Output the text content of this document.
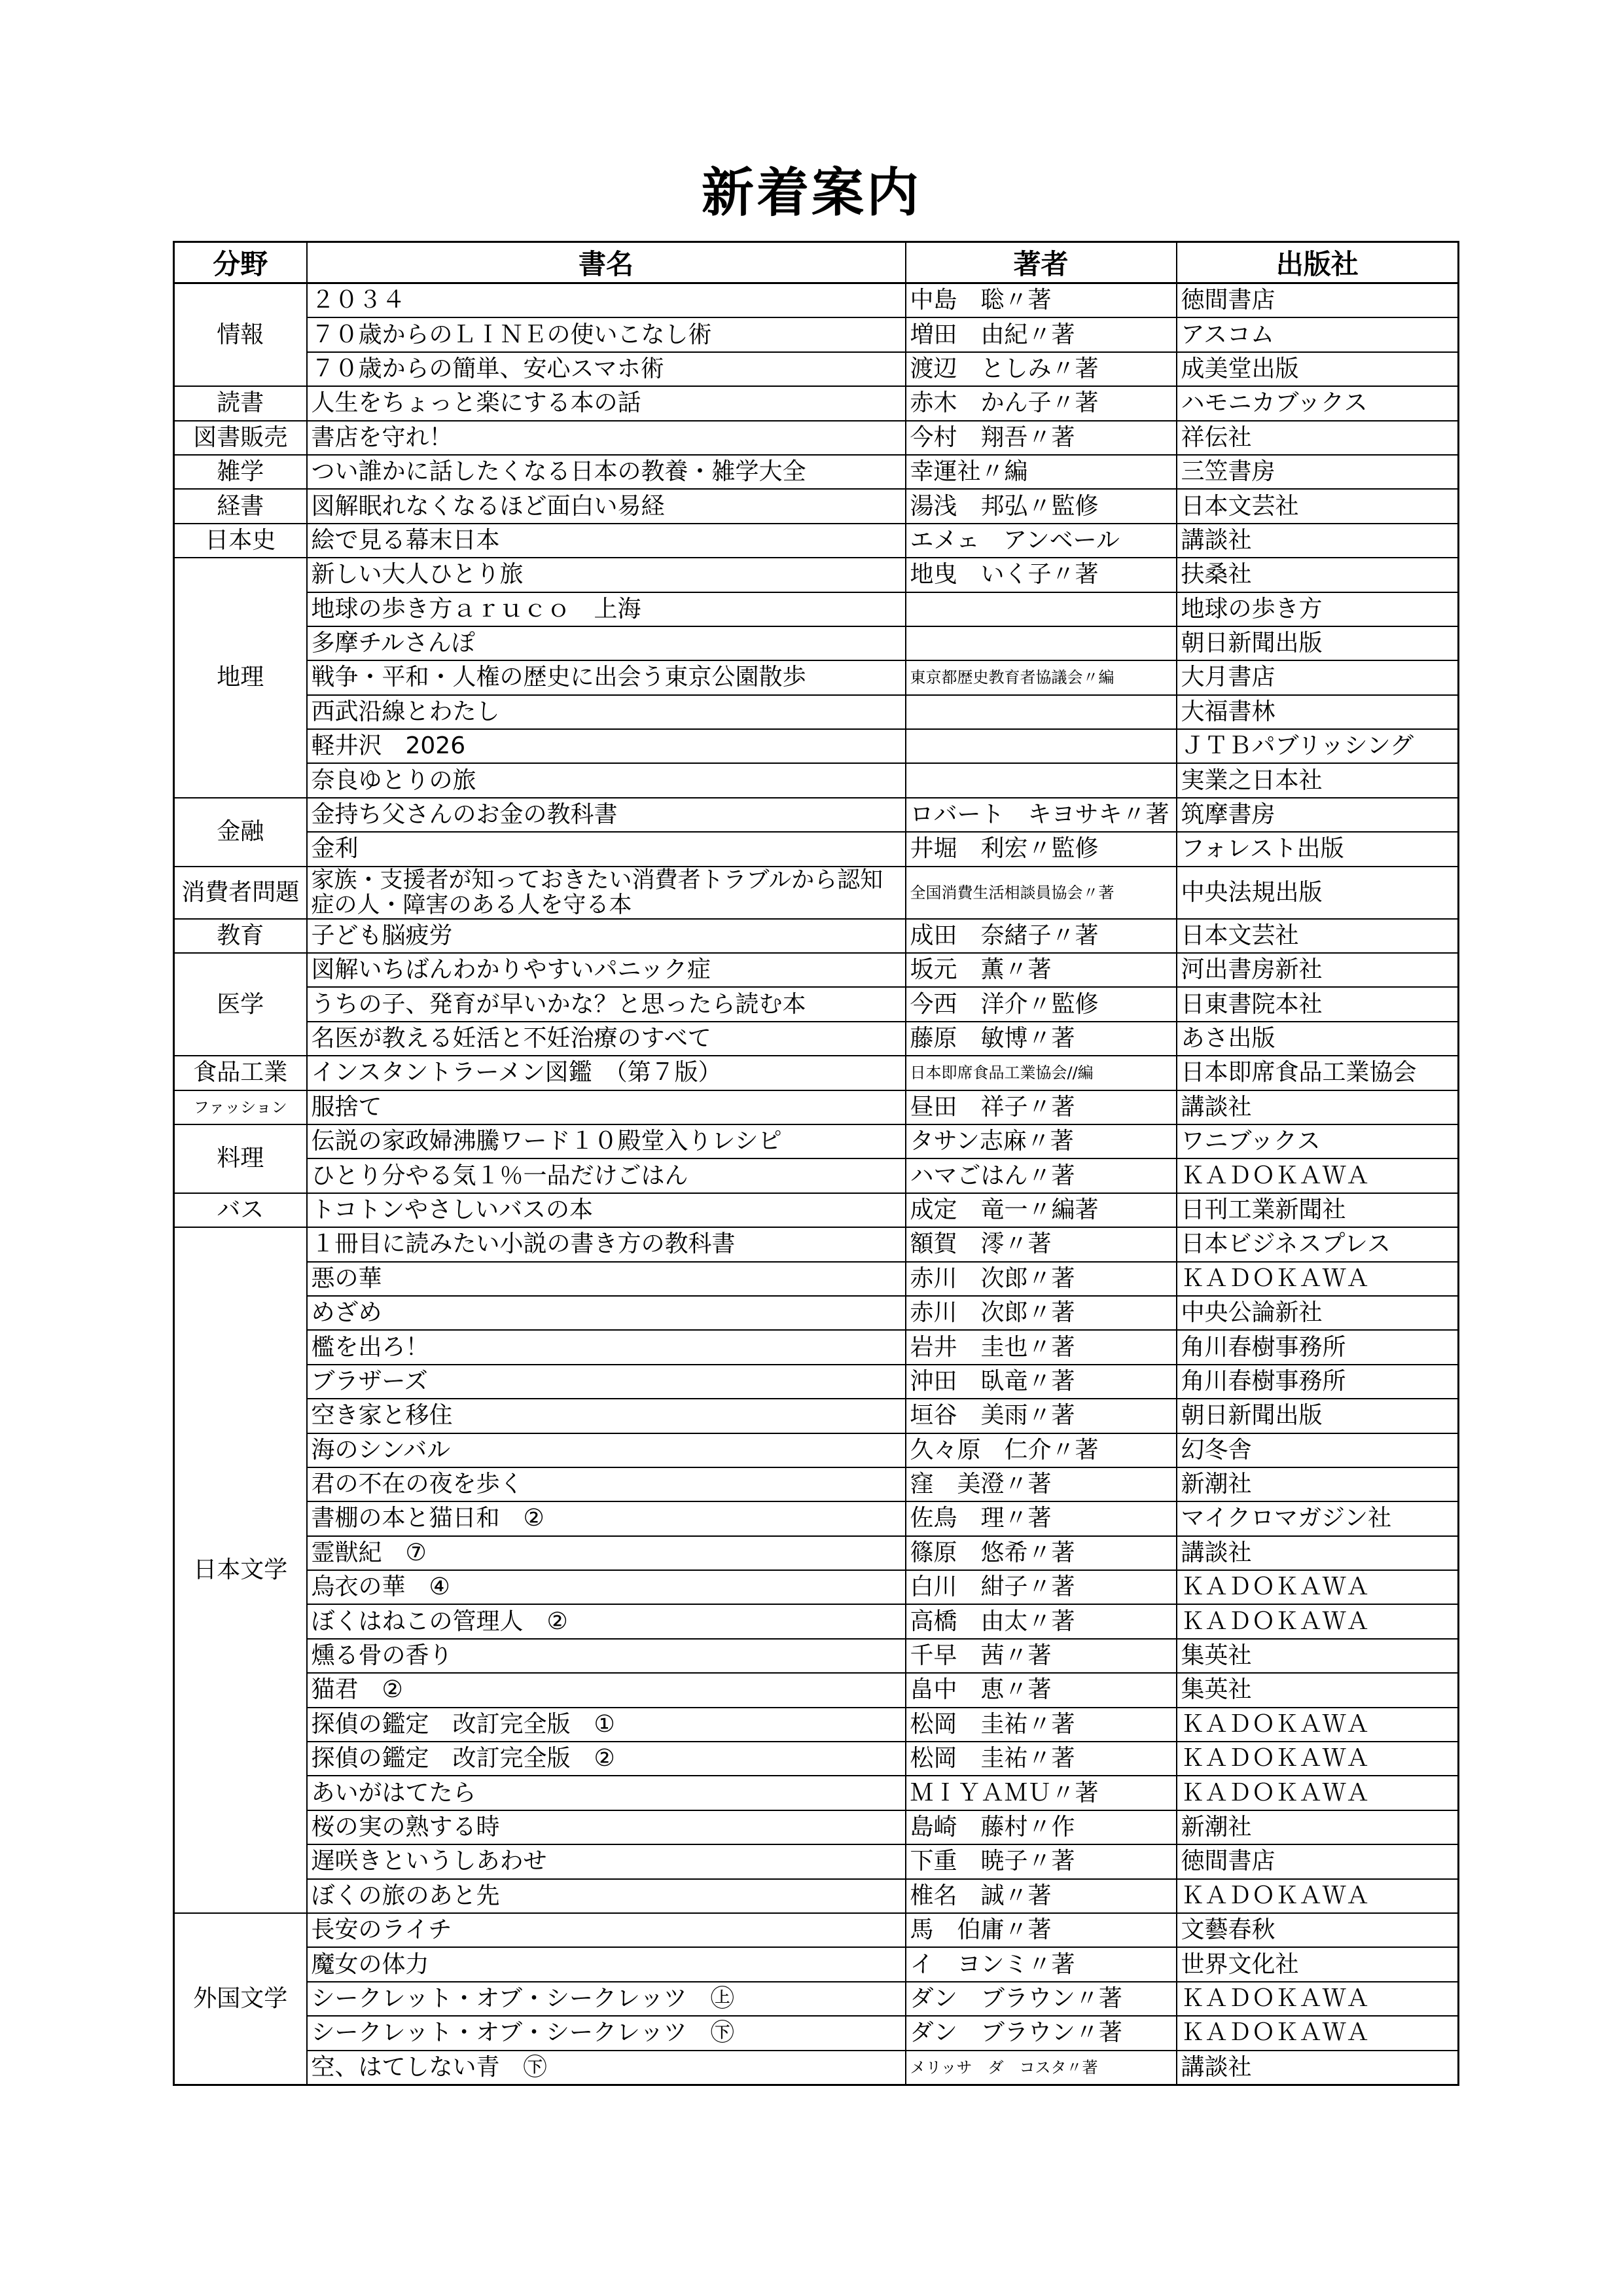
新着案内
分野	書名	著者	出版社
情報	２０３４	中島　聡〃著	徳間書店
	７０歳からのＬＩＮＥの使いこなし術	増田　由紀〃著	アスコム
	７０歳からの簡単、安心スマホ術	渡辺　としみ〃著	成美堂出版
読書	人生をちょっと楽にする本の話	赤木　かん子〃著	ハモニカブックス
図書販売	書店を守れ！	今村　翔吾〃著	祥伝社
雑学	つい誰かに話したくなる日本の教養・雑学大全	幸運社〃編	三笠書房
経書	図解眠れなくなるほど面白い易経	湯浅　邦弘〃監修	日本文芸社
日本史	絵で見る幕末日本	エメェ　アンベール	講談社
地理	新しい大人ひとり旅	地曳　いく子〃著	扶桑社
	地球の歩き方ａｒｕｃｏ　上海		地球の歩き方
	多摩チルさんぽ		朝日新聞出版
	戦争・平和・人権の歴史に出会う東京公園散歩	東京都歴史教育者協議会〃編	大月書店
	西武沿線とわたし		大福書林
	軽井沢　2026		ＪＴＢパブリッシング
	奈良ゆとりの旅		実業之日本社
金融	金持ち父さんのお金の教科書	ロバート　キヨサキ〃著	筑摩書房
	金利	井堀　利宏〃監修	フォレスト出版
消費者問題	家族・支援者が知っておきたい消費者トラブルから認知症の人・障害のある人を守る本	全国消費生活相談員協会〃著	中央法規出版
教育	子ども脳疲労	成田　奈緒子〃著	日本文芸社
医学	図解いちばんわかりやすいパニック症	坂元　薫〃著	河出書房新社
	うちの子、発育が早いかな？と思ったら読む本	今西　洋介〃監修	日東書院本社
	名医が教える妊活と不妊治療のすべて	藤原　敏博〃著	あさ出版
食品工業	インスタントラーメン図鑑　（第７版）	日本即席食品工業協会//編	日本即席食品工業協会
ファッション	服捨て	昼田　祥子〃著	講談社
料理	伝説の家政婦沸騰ワード１０殿堂入りレシピ	タサン志麻〃著	ワニブックス
	ひとり分やる気１％一品だけごはん	ハマごはん〃著	ＫＡＤＯＫＡＷＡ
バス	トコトンやさしいバスの本	成定　竜一〃編著	日刊工業新聞社
日本文学	１冊目に読みたい小説の書き方の教科書	額賀　澪〃著	日本ビジネスプレス
	悪の華	赤川　次郎〃著	ＫＡＤＯＫＡＷＡ
	めざめ	赤川　次郎〃著	中央公論新社
	檻を出ろ！	岩井　圭也〃著	角川春樹事務所
	ブラザーズ	沖田　臥竜〃著	角川春樹事務所
	空き家と移住	垣谷　美雨〃著	朝日新聞出版
	海のシンバル	久々原　仁介〃著	幻冬舎
	君の不在の夜を歩く	窪　美澄〃著	新潮社
	書棚の本と猫日和　②	佐鳥　理〃著	マイクロマガジン社
	霊獣紀　⑦	篠原　悠希〃著	講談社
	烏衣の華　④	白川　紺子〃著	ＫＡＤＯＫＡＷＡ
	ぼくはねこの管理人　②	高橋　由太〃著	ＫＡＤＯＫＡＷＡ
	燻る骨の香り	千早　茜〃著	集英社
	猫君　②	畠中　恵〃著	集英社
	探偵の鑑定　改訂完全版　①	松岡　圭祐〃著	ＫＡＤＯＫＡＷＡ
	探偵の鑑定　改訂完全版　②	松岡　圭祐〃著	ＫＡＤＯＫＡＷＡ
	あいがはてたら	ＭＩＹＡＭＵ〃著	ＫＡＤＯＫＡＷＡ
	桜の実の熟する時	島崎　藤村〃作	新潮社
	遅咲きというしあわせ	下重　暁子〃著	徳間書店
	ぼくの旅のあと先	椎名　誠〃著	ＫＡＤＯＫＡＷＡ
外国文学	長安のライチ	馬　伯庸〃著	文藝春秋
	魔女の体力	イ　ヨンミ〃著	世界文化社
	シークレット・オブ・シークレッツ　㊤	ダン　ブラウン〃著	ＫＡＤＯＫＡＷＡ
	シークレット・オブ・シークレッツ　㊦	ダン　ブラウン〃著	ＫＡＤＯＫＡＷＡ
	空、はてしない青　㊦	メリッサ　ダ　コスタ〃著	講談社
